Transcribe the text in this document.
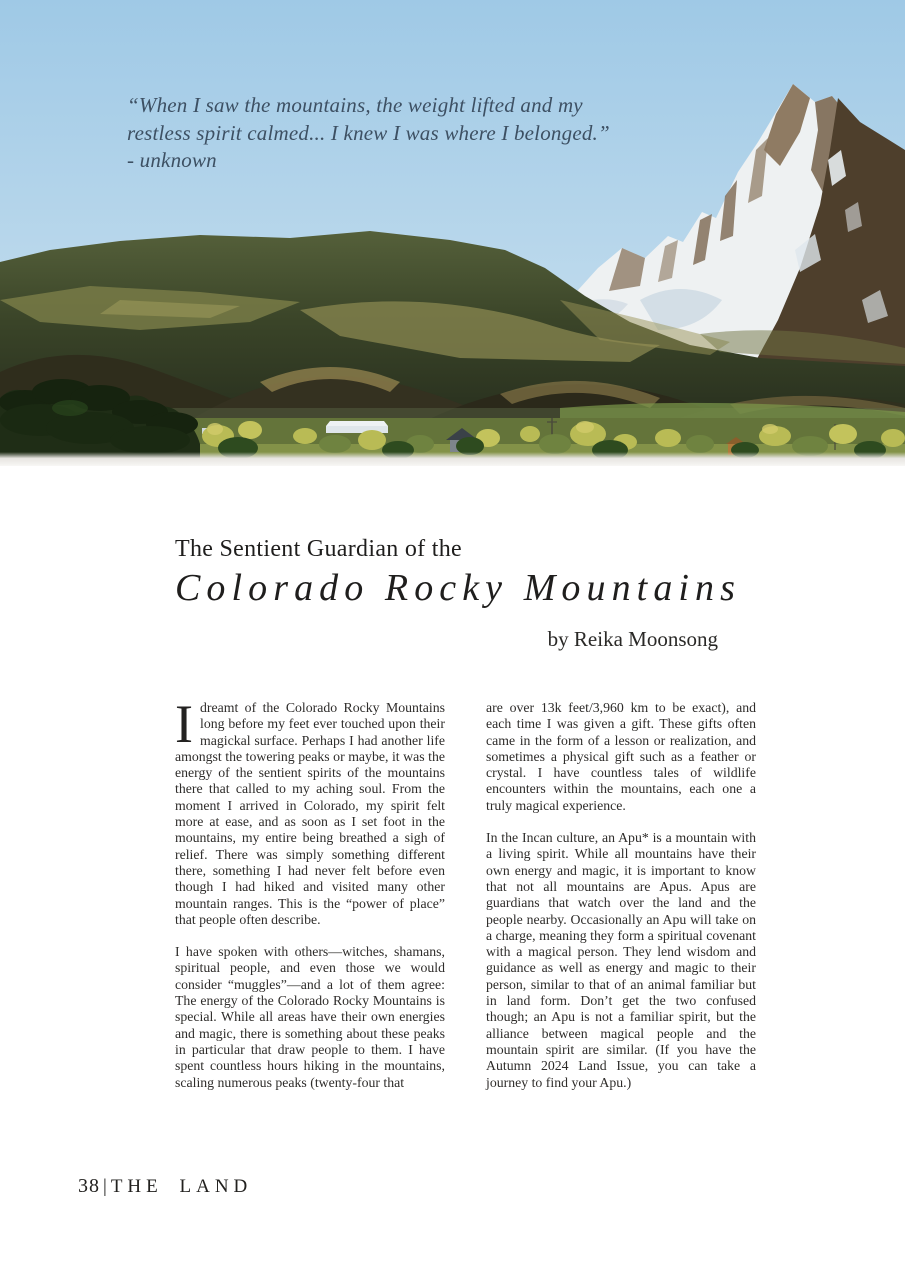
“When I saw the mountains, the weight lifted and my
restless spirit calmed... I knew I was where I belonged.”
- unknown
The Sentient Guardian of the
Colorado Rocky Mountains
by Reika Moonsong

Idreamt of the Colorado Rocky Mountains long before my feet ever touched upon their magickal surface. Perhaps I had another life amongst the towering peaks or maybe, it was the energy of the sentient spirits of the mountains there that called to my aching soul. From the moment I arrived in Colorado, my spirit felt more at ease, and as soon as I set foot in the mountains, my entire being breathed a sigh of relief. There was simply something different there, something I had never felt before even though I had hiked and visited many other mountain ranges. This is the “power of place” that people often describe.

I have spoken with others—witches, shamans, spiritual people, and even those we would consider “muggles”—and a lot of them agree: The energy of the Colorado Rocky Mountains is special. While all areas have their own energies and magic, there is something about these peaks in particular that draw people to them. I have spent countless hours hiking in the mountains, scaling numerous peaks (twenty-four that

are over 13k feet/3,960 km to be exact), and each time I was given a gift. These gifts often came in the form of a lesson or realization, and sometimes a physical gift such as a feather or crystal. I have countless tales of wildlife encounters within the mountains, each one a truly magical experience.

In the Incan culture, an Apu* is a mountain with a living spirit. While all mountains have their own energy and magic, it is important to know that not all mountains are Apus. Apus are guardians that watch over the land and the people nearby. Occasionally an Apu will take on a charge, meaning they form a spiritual covenant with a magical person. They lend wisdom and guidance as well as energy and magic to their person, similar to that of an animal familiar but in land form. Don’t get the two confused though; an Apu is not a familiar spirit, but the alliance between magical people and the mountain spirit are similar. (If you have the Autumn 2024 Land Issue, you can take a journey to find your Apu.)

38 | THE LAND
